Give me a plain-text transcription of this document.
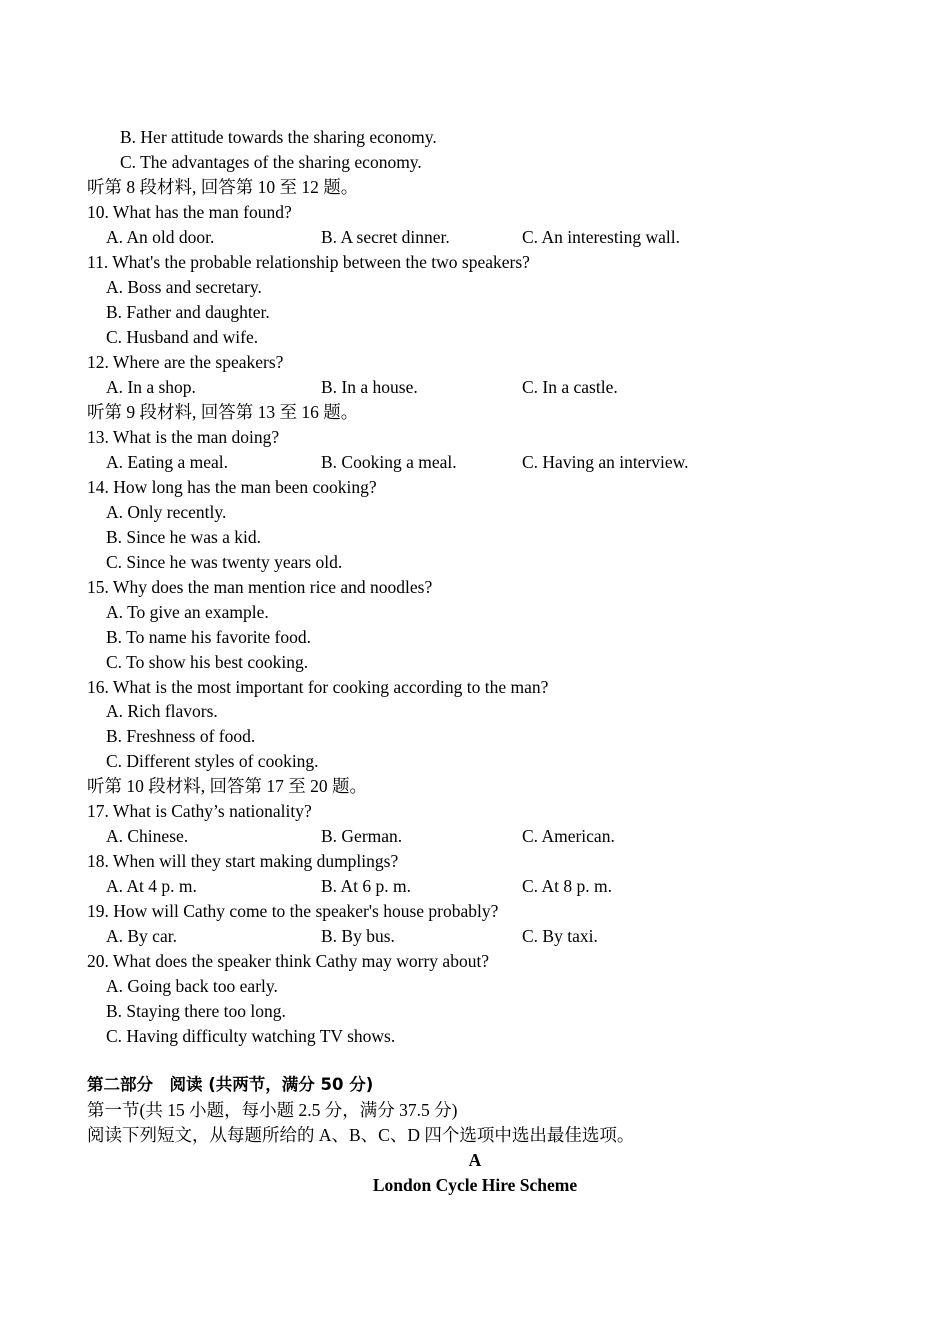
B. Her attitude towards the sharing economy.
C. The advantages of the sharing economy.
听第 8 段材料, 回答第 10 至 12 题。
10. What has the man found?
A. An old door.	B. A secret dinner.	C. An interesting wall.
11. What's the probable relationship between the two speakers?
A. Boss and secretary.
B. Father and daughter.
C. Husband and wife.
12. Where are the speakers?
A. In a shop.	B. In a house.	C. In a castle.
听第 9 段材料, 回答第 13 至 16 题。
13. What is the man doing?
A. Eating a meal.	B. Cooking a meal.	C. Having an interview.
14. How long has the man been cooking?
A. Only recently.
B. Since he was a kid.
C. Since he was twenty years old.
15. Why does the man mention rice and noodles?
A. To give an example.
B. To name his favorite food.
C. To show his best cooking.
16. What is the most important for cooking according to the man?
A. Rich flavors.
B. Freshness of food.
C. Different styles of cooking.
听第 10 段材料, 回答第 17 至 20 题。
17. What is Cathy’s nationality?
A. Chinese.	B. German.	C. American.
18. When will they start making dumplings?
A. At 4 p. m.	B. At 6 p. m.	C. At 8 p. m.
19. How will Cathy come to the speaker's house probably?
A. By car.	B. By bus.	C. By taxi.
20. What does the speaker think Cathy may worry about?
A. Going back too early.
B. Staying there too long.
C. Having difficulty watching TV shows.
第二部分　阅读 (共两节，满分 50 分)
第一节(共 15 小题，每小题 2.5 分，满分 37.5 分)
阅读下列短文，从每题所给的 A、B、C、D 四个选项中选出最佳选项。
A
London Cycle Hire Scheme
